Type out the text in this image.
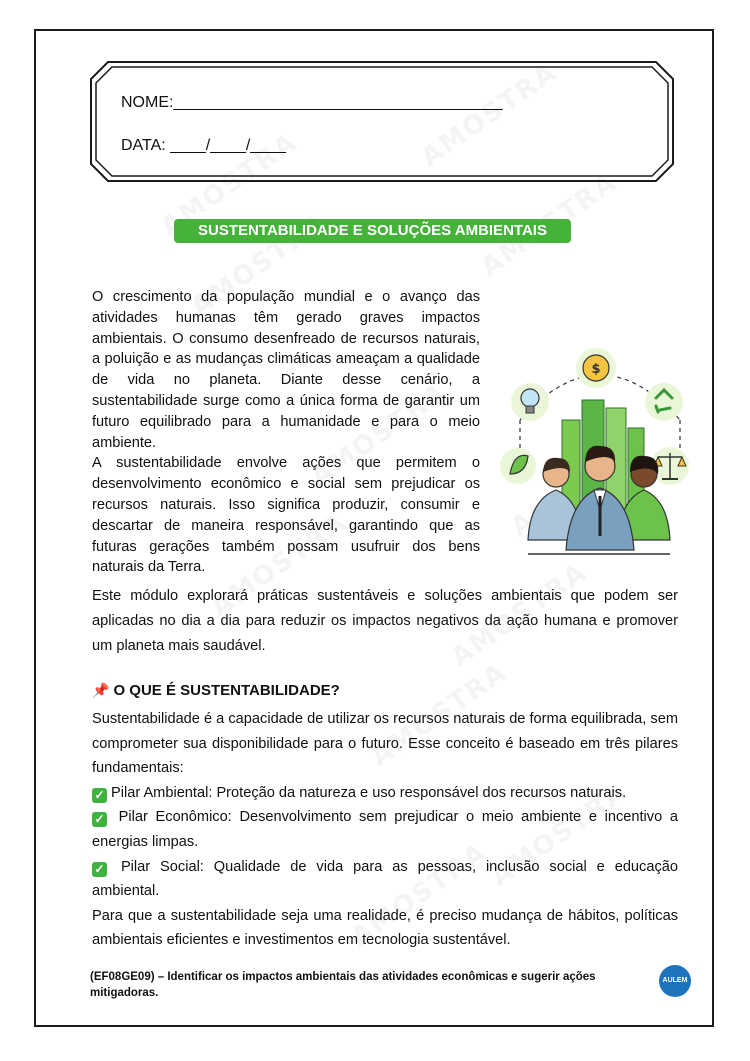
NOME:_____________________________________
DATA: ____/____/____
SUSTENTABILIDADE E SOLUÇÕES AMBIENTAIS

O crescimento da população mundial e o avanço das atividades humanas têm gerado graves impactos ambientais. O consumo desenfreado de recursos naturais, a poluição e as mudanças climáticas ameaçam a qualidade de vida no planeta. Diante desse cenário, a sustentabilidade surge como a única forma de garantir um futuro equilibrado para a humanidade e para o meio ambiente.

A sustentabilidade envolve ações que permitem o desenvolvimento econômico e social sem prejudicar os recursos naturais. Isso significa produzir, consumir e descartar de maneira responsável, garantindo que as futuras gerações também possam usufruir dos bens naturais da Terra.

$
Este módulo explorará práticas sustentáveis e soluções ambientais que podem ser aplicadas no dia a dia para reduzir os impactos negativos da ação humana e promover um planeta mais saudável.
📌 O QUE É SUSTENTABILIDADE?

Sustentabilidade é a capacidade de utilizar os recursos naturais de forma equilibrada, sem comprometer sua disponibilidade para o futuro. Esse conceito é baseado em três pilares fundamentais:

✓ Pilar Ambiental: Proteção da natureza e uso responsável dos recursos naturais.

✓ Pilar Econômico: Desenvolvimento sem prejudicar o meio ambiente e incentivo a energias limpas.

✓ Pilar Social: Qualidade de vida para as pessoas, inclusão social e educação ambiental.

Para que a sustentabilidade seja uma realidade, é preciso mudança de hábitos, políticas ambientais eficientes e investimentos em tecnologia sustentável.

(EF08GE09) – Identificar os impactos ambientais das atividades econômicas e sugerir ações mitigadoras.
AULEM
